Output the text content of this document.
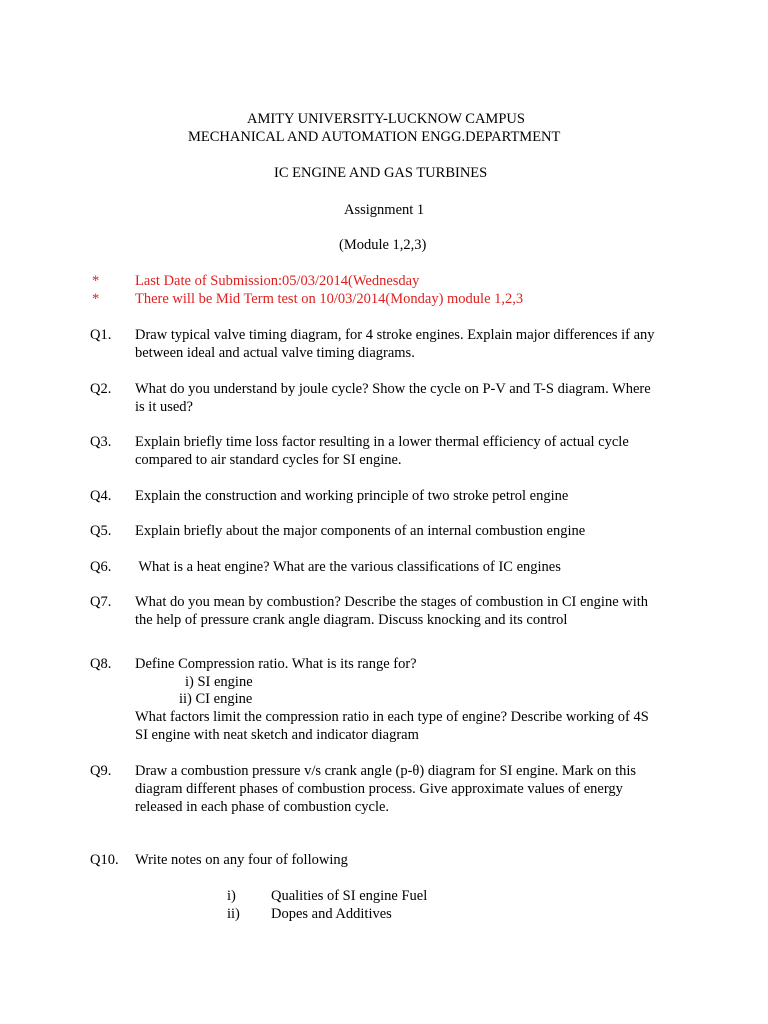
AMITY UNIVERSITY-LUCKNOW CAMPUS
MECHANICAL AND AUTOMATION ENGG.DEPARTMENT
IC ENGINE AND GAS TURBINES
Assignment 1
(Module 1,2,3)
* Last Date of Submission:05/03/2014(Wednesday
* There will be Mid Term test on 10/03/2014(Monday) module 1,2,3
Q1. Draw typical valve timing diagram, for 4 stroke engines. Explain major differences if any
between ideal and actual valve timing diagrams.
Q2. What do you understand by joule cycle? Show the cycle on P-V and T-S diagram. Where
is it used?
Q3. Explain briefly time loss factor resulting in a lower thermal efficiency of actual cycle
compared to air standard cycles for SI engine.
Q4. Explain the construction and working principle of two stroke petrol engine
Q5. Explain briefly about the major components of an internal combustion engine
Q6. What is a heat engine? What are the various classifications of IC engines
Q7. What do you mean by combustion? Describe the stages of combustion in CI engine with
the help of pressure crank angle diagram. Discuss knocking and its control
Q8. Define Compression ratio. What is its range for?
i) SI engine
ii) CI engine
What factors limit the compression ratio in each type of engine? Describe working of 4S
SI engine with neat sketch and indicator diagram
Q9. Draw a combustion pressure v/s crank angle (p-θ) diagram for SI engine. Mark on this
diagram different phases of combustion process. Give approximate values of energy
released in each phase of combustion cycle.
Q10. Write notes on any four of following
i) Qualities of SI engine Fuel
ii) Dopes and Additives
